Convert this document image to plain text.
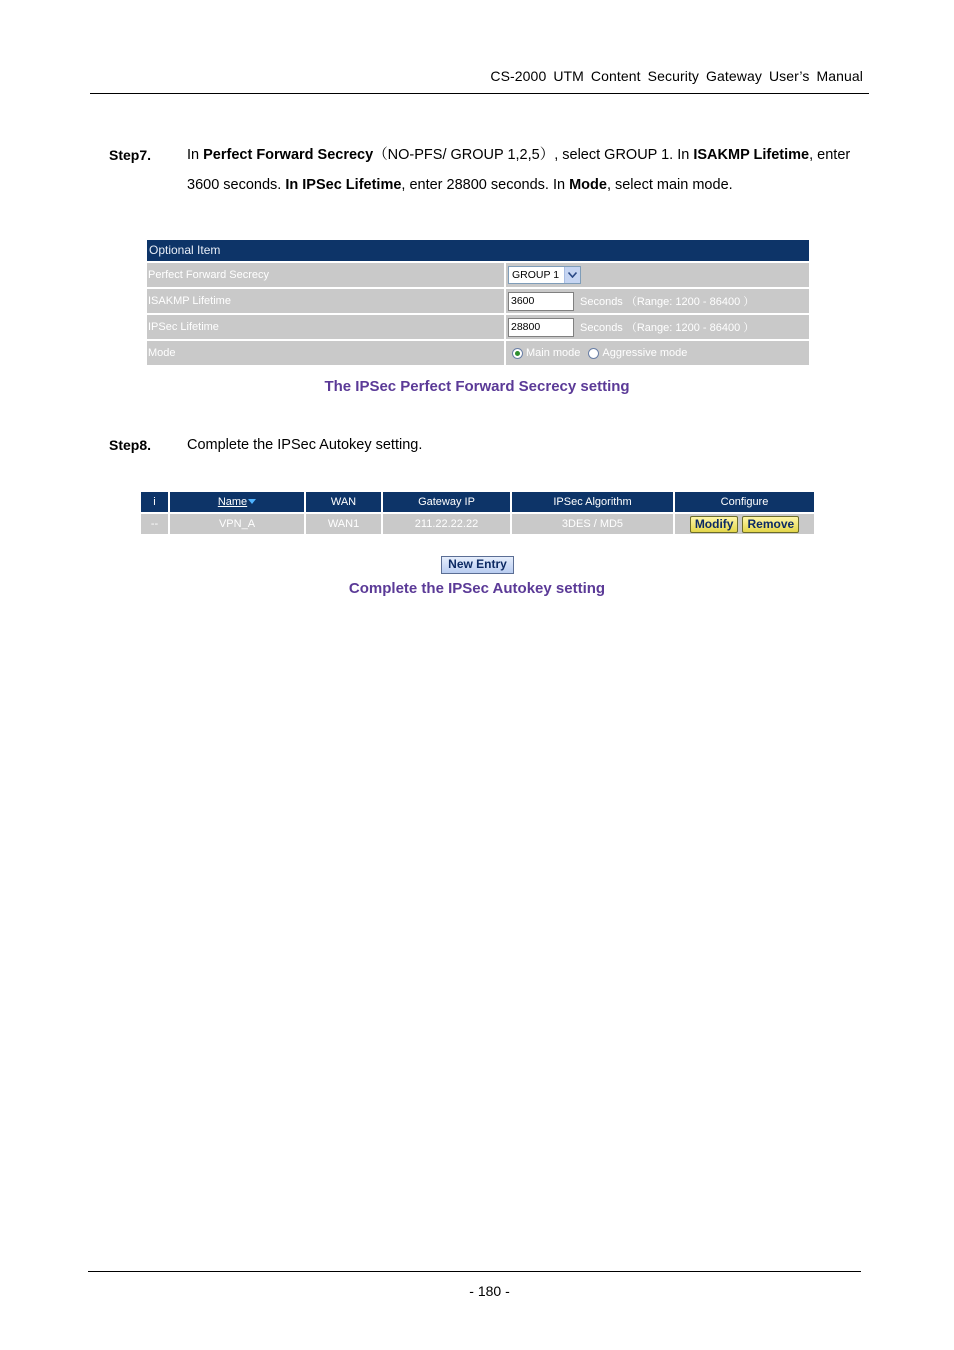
CS-2000 UTM Content Security Gateway User’s Manual
Step7. In Perfect Forward Secrecy（NO-PFS/ GROUP 1,2,5）, select GROUP 1. In ISAKMP Lifetime, enter 3600 seconds. In IPSec Lifetime, enter 28800 seconds. In Mode, select main mode.
Optional Item
Perfect Forward Secrecy	GROUP 1
ISAKMP Lifetime	3600	Seconds （Range: 1200 - 86400 ）
IPSec Lifetime	28800	Seconds （Range: 1200 - 86400 ）
Mode	Main mode Aggressive mode
The IPSec Perfect Forward Secrecy setting
Step8. Complete the IPSec Autokey setting.
i	Name	WAN	Gateway IP	IPSec Algorithm	Configure
--	VPN_A	WAN1	211.22.22.22	3DES / MD5	Modify	Remove
New Entry
Complete the IPSec Autokey setting
- 180 -
